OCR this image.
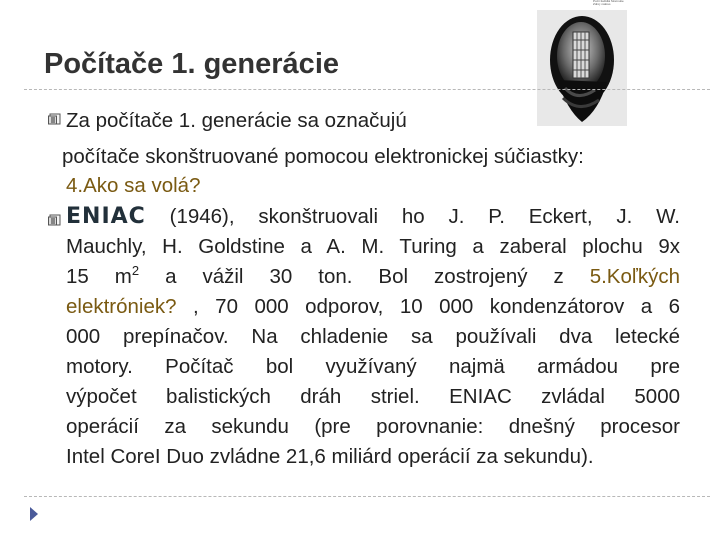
Počítače 1. generácie
Pozri tlačidlá Stretnutie
Zdroj: nákres
Za počítače 1. generácie sa označujú
počítače skonštruované pomocou elektronickej súčiastky:
4.Ako sa volá?
ENIAC (1946), skonštruovali ho J. P. Eckert, J. W.
Mauchly, H. Goldstine a A. M. Turing a zaberal plochu 9x
15 $m^2$ a vážil 30 ton. Bol zostrojený z 5.Koľkých
elektróniek? , 70 000 odporov, 10 000 kondenzátorov a 6
000 prepínačov. Na chladenie sa používali dva letecké
motory. Počítač bol využívaný najmä armádou pre
výpočet balistických dráh striel. ENIAC zvládal 5000
operácií za sekundu (pre porovnanie: dnešný procesor
Intel CoreI Duo zvládne 21,6 miliárd operácií za sekundu).
